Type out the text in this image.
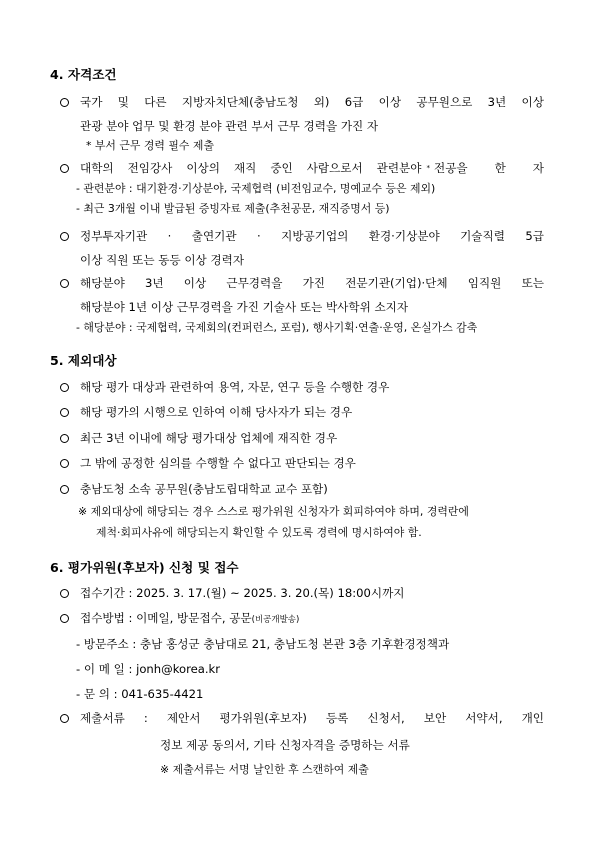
4. 자격조건
국가 및 다른 지방자치단체(충남도청 외) 6급 이상 공무원으로 3년 이상
관광 분야 업무 및 환경 분야 관련 부서 근무 경력을 가진 자
* 부서 근무 경력 필수 제출
대학의 전임강사 이상의 재직 중인 사람으로서 관련분야 * 전공을 한 자
- 관련분야 : 대기환경·기상분야, 국제협력 (비전임교수, 명예교수 등은 제외)
- 최근 3개월 이내 발급된 증빙자료 제출(추천공문, 재직증명서 등)
정부투자기관 · 출연기관 · 지방공기업의 환경·기상분야 기술직렬 5급
이상 직원 또는 동등 이상 경력자
해당분야 3년 이상 근무경력을 가진 전문기관(기업)·단체 임직원 또는
해당분야 1년 이상 근무경력을 가진 기술사 또는 박사학위 소지자
- 해당분야 : 국제협력, 국제회의(컨퍼런스, 포럼), 행사기획·연출·운영, 온실가스 감축
5. 제외대상
해당 평가 대상과 관련하여 용역, 자문, 연구 등을 수행한 경우
해당 평가의 시행으로 인하여 이해 당사자가 되는 경우
최근 3년 이내에 해당 평가대상 업체에 재직한 경우
그 밖에 공정한 심의를 수행할 수 없다고 판단되는 경우
충남도청 소속 공무원(충남도립대학교 교수 포함)
※ 제외대상에 해당되는 경우 스스로 평가위원 신청자가 회피하여야 하며, 경력란에
제척·회피사유에 해당되는지 확인할 수 있도록 경력에 명시하여야 함.
6. 평가위원(후보자) 신청 및 접수
접수기간 : 2025. 3. 17.(월) ~ 2025. 3. 20.(목) 18:00시까지
접수방법 : 이메일, 방문접수, 공문(비공개발송)
- 방문주소 : 충남 홍성군 충남대로 21, 충남도청 본관 3층 기후환경정책과
- 이 메 일 : jonh@korea.kr
- 문 의 : 041-635-4421
제출서류 : 제안서 평가위원(후보자) 등록 신청서, 보안 서약서, 개인
정보 제공 동의서, 기타 신청자격을 증명하는 서류
※ 제출서류는 서명 날인한 후 스캔하여 제출
